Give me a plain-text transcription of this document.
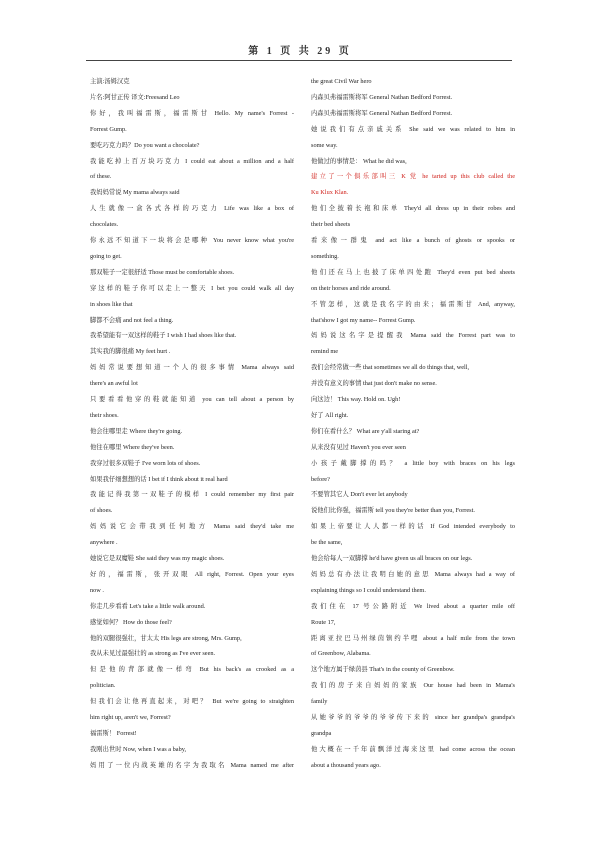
第 1 页 共 29 页
主演:汤姆汉克
片名:阿甘正传 译文:Freesand Leo
你好，我叫福雷斯，福雷斯甘 Hello. My name's Forrest -
Forrest Gump.
要吃巧克力吗？Do you want a chocolate?
我能吃掉上百万块巧克力 I could eat about a million and a half
of these.
我妈妈常说 My mama always said
人生就像一盒各式各样的巧克力 Life was like a box of
chocolates.
你永远不知道下一块将会是哪种 You never know what you're
going to get.
那双鞋子一定很舒适 Those must be comfortable shoes.
穿这样的鞋子你可以走上一整天 I bet you could walk all day
in shoes like that
脚都不会痛 and not feel a thing.
我希望能有一双这样的鞋子 I wish I had shoes like that.
其实我的脚很痛 My feet hurt .
妈妈常说要想知道一个人的很多事情 Mama always said
there's an awful lot
只要看看他穿的鞋就能知道 you can tell about a person by
their shoes.
他会往哪里走 Where they're going.
他往在哪里 Where they've been.
我穿过很多双鞋子 I've worn lots of shoes.
如果我仔细想想的话 I bet if I think about it real hard
我能记得我第一双鞋子的模样 I could remember my first pair
of shoes.
妈妈说它会带我到任何地方 Mama said they'd take me
anywhere .
她说它是双魔鞋 She said they was my magic shoes.
好的，福雷斯，张开双眼 All right, Forrest. Open your eyes
now .
你走几步看看 Let's take a little walk around.
感觉如何？ How do those feel?
他的双腿很强壮，甘太太 His legs are strong, Mrs. Gump,
我从未见过最强壮的 as strong as I've ever seen.
但是他的背部就像一样弯 But his back's as crooked as a
politician.
但我们会让他再直起来，对吧？ But we're going to straighten
him right up, aren't we, Forrest?
福雷斯！ Forrest!
我刚出世时 Now, when I was a baby,
妈用了一位内战英雄的名字为我取名 Mama named me after
the great Civil War hero
内森贝弗福雷斯将军 General Nathan Bedford Forrest.
内森贝弗福雷斯将军 General Nathan Bedford Forrest.
她说我们有点亲戚关系 She said we was related to him in
some way.
他做过的事情是： What he did was,
建立了一个俱乐部叫三 K 党 he tarted up this club called the
Ku Klux Klan.
他们全披着长袍和床单 They'd all dress up in their robes and
their bed sheets
看来像一群鬼 and act like a bunch of ghosts or spooks or
something.
他们还在马上也披了床单四处跑 They'd even put bed sheets
on their horses and ride around.
不管怎样，这就是我名字的由来；福雷斯甘 And, anyway,
that'show I got my name-- Forrest Gump.
妈妈说这名字是提醒我 Mama said the Forrest part was to
remind me
我们会经常做一些 that sometimes we all do things that, well,
并没有意义的事情 that just don't make no sense.
向这边！ This way. Hold on. Ugh!
好了 All right.
你们在看什么？ What are y'all staring at?
从来没有见过 Haven't you ever seen
小孩子戴脚撑的吗？ a little boy with braces on his legs
before?
不要管其它人 Don't ever let anybody
说他们比你强，福雷斯 tell you they're better than you, Forrest.
如果上帝要让人人都一样的话 If God intended everybody to
be the same,
他会给每人一双脚撑 he'd have given us all braces on our legs.
妈妈总有办法让我明白她的意思 Mama always had a way of
explaining things so I could understand them.
我们住在 17 号公路附近 We lived about a quarter mile off
Route 17,
距离亚拉巴马州绿茵镇约半哩 about a half mile from the town
of Greenbow, Alabama.
这个地方属于绿茵县 That's in the county of Greenbow.
我们的房子来自妈妈的家族 Our house had been in Mama's
family
从她爷爷的爷爷的爷爷传下来的 since her grandpa's grandpa's
grandpa
他大概在一千年前飘洋过海来这里 had come across the ocean
about a thousand years ago.
